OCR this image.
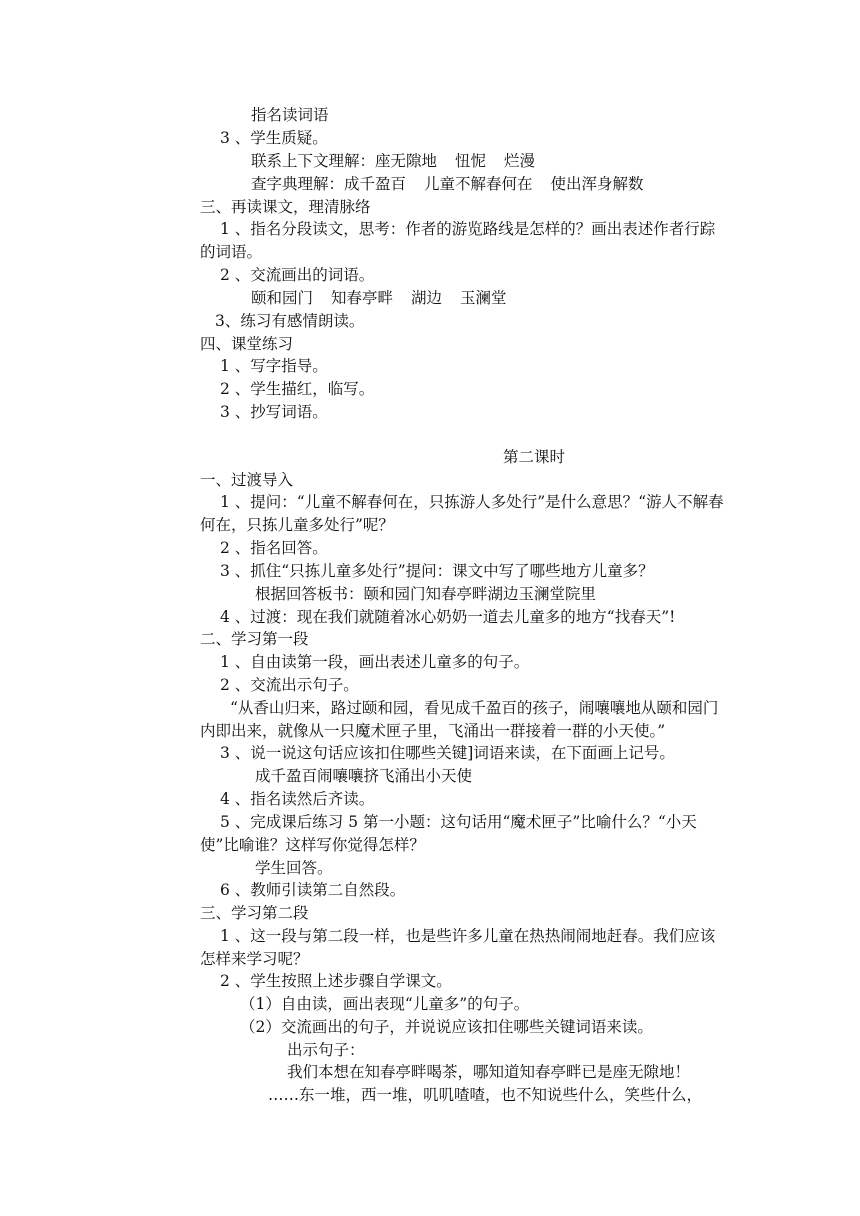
指名读词语
3 、学生质疑。
联系上下文理解：座无隙地 忸怩 烂漫
查字典理解：成千盈百 儿童不解春何在 使出浑身解数
三、再读课文，理清脉络
1 、指名分段读文，思考：作者的游览路线是怎样的？画出表述作者行踪的词语。
2 、交流画出的词语。
颐和园门 知春亭畔 湖边 玉澜堂
3、练习有感情朗读。
四、课堂练习
1 、写字指导。
2 、学生描红，临写。
3 、抄写词语。
第二课时
一、过渡导入
1 、提问：“儿童不解春何在，只拣游人多处行”是什么意思？“游人不解春何在，只拣儿童多处行”呢？
2 、指名回答。
3 、抓住“只拣儿童多处行”提问：课文中写了哪些地方儿童多？
根据回答板书：颐和园门知春亭畔湖边玉澜堂院里
4 、过渡：现在我们就随着冰心奶奶一道去儿童多的地方“找春天”!
二、学习第一段
1 、自由读第一段，画出表述儿童多的句子。
2 、交流出示句子。
“从香山归来，路过颐和园，看见成千盈百的孩子，闹嚷嚷地从颐和园门内即出来，就像从一只魔术匣子里，飞涌出一群接着一群的小天使。”
3 、说一说这句话应该扣住哪些关键]词语来读，在下面画上记号。
成千盈百闹嚷嚷挤飞涌出小天使
4 、指名读然后齐读。
5 、完成课后练习 5 第一小题：这句话用“魔术匣子”比喻什么？“小天使”比喻谁？这样写你觉得怎样？
学生回答。
6 、教师引读第二自然段。
三、学习第二段
1 、这一段与第二段一样，也是些许多儿童在热热闹闹地赶春。我们应该怎样来学习呢？
2 、学生按照上述步骤自学课文。
（1）自由读，画出表现“儿童多”的句子。
（2）交流画出的句子，并说说应该扣住哪些关键词语来读。
出示句子：
我们本想在知春亭畔喝茶，哪知道知春亭畔已是座无隙地！
……东一堆，西一堆，叽叽喳喳，也不知说些什么，笑些什么，
